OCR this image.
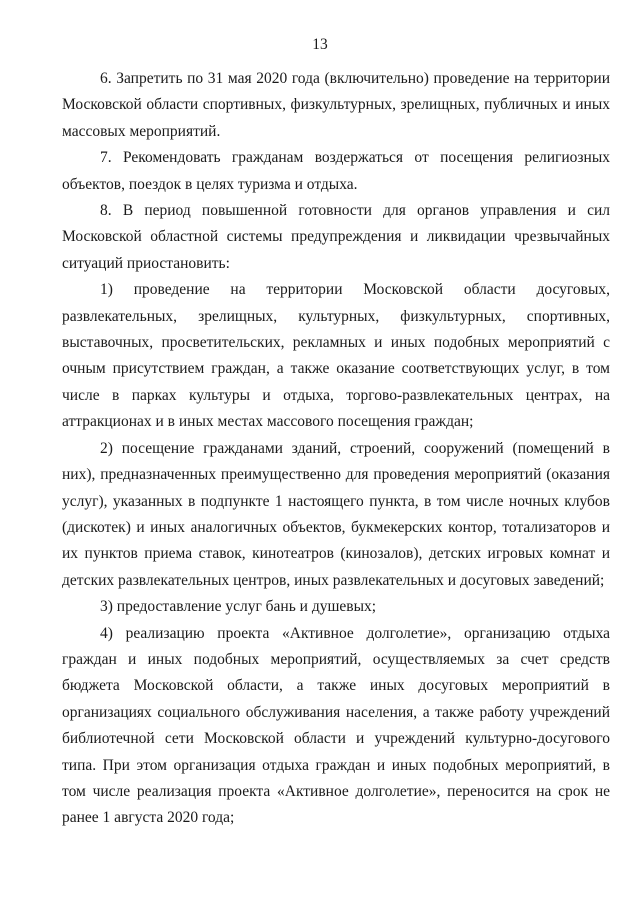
13

6. Запретить по 31 мая 2020 года (включительно) проведение на территории Московской области спортивных, физкультурных, зрелищных, публичных и иных массовых мероприятий.

7. Рекомендовать гражданам воздержаться от посещения религиозных объектов, поездок в целях туризма и отдыха.

8. В период повышенной готовности для органов управления и сил Московской областной системы предупреждения и ликвидации чрезвычайных ситуаций приостановить:

1) проведение на территории Московской области досуговых, развлекательных, зрелищных, культурных, физкультурных, спортивных, выставочных, просветительских, рекламных и иных подобных мероприятий с очным присутствием граждан, а также оказание соответствующих услуг, в том числе в парках культуры и отдыха, торгово-развлекательных центрах, на аттракционах и в иных местах массового посещения граждан;

2) посещение гражданами зданий, строений, сооружений (помещений в них), предназначенных преимущественно для проведения мероприятий (оказания услуг), указанных в подпункте 1 настоящего пункта, в том числе ночных клубов (дискотек) и иных аналогичных объектов, букмекерских контор, тотализаторов и их пунктов приема ставок, кинотеатров (кинозалов), детских игровых комнат и детских развлекательных центров, иных развлекательных и досуговых заведений;

3) предоставление услуг бань и душевых;

4) реализацию проекта «Активное долголетие», организацию отдыха граждан и иных подобных мероприятий, осуществляемых за счет средств бюджета Московской области, а также иных досуговых мероприятий в организациях социального обслуживания населения, а также работу учреждений библиотечной сети Московской области и учреждений культурно-досугового типа. При этом организация отдыха граждан и иных подобных мероприятий, в том числе реализация проекта «Активное долголетие», переносится на срок не ранее 1 августа 2020 года;
